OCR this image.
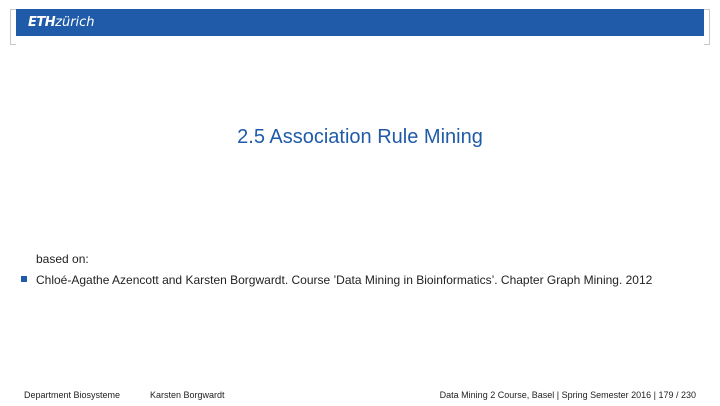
ETHzürich
2.5 Association Rule Mining
based on:
Chloé-Agathe Azencott and Karsten Borgwardt. Course ’Data Mining in Bioinformatics’. Chapter Graph Mining. 2012
Department Biosysteme	Karsten Borgwardt	Data Mining 2 Course, Basel | Spring Semester 2016 | 179 / 230
